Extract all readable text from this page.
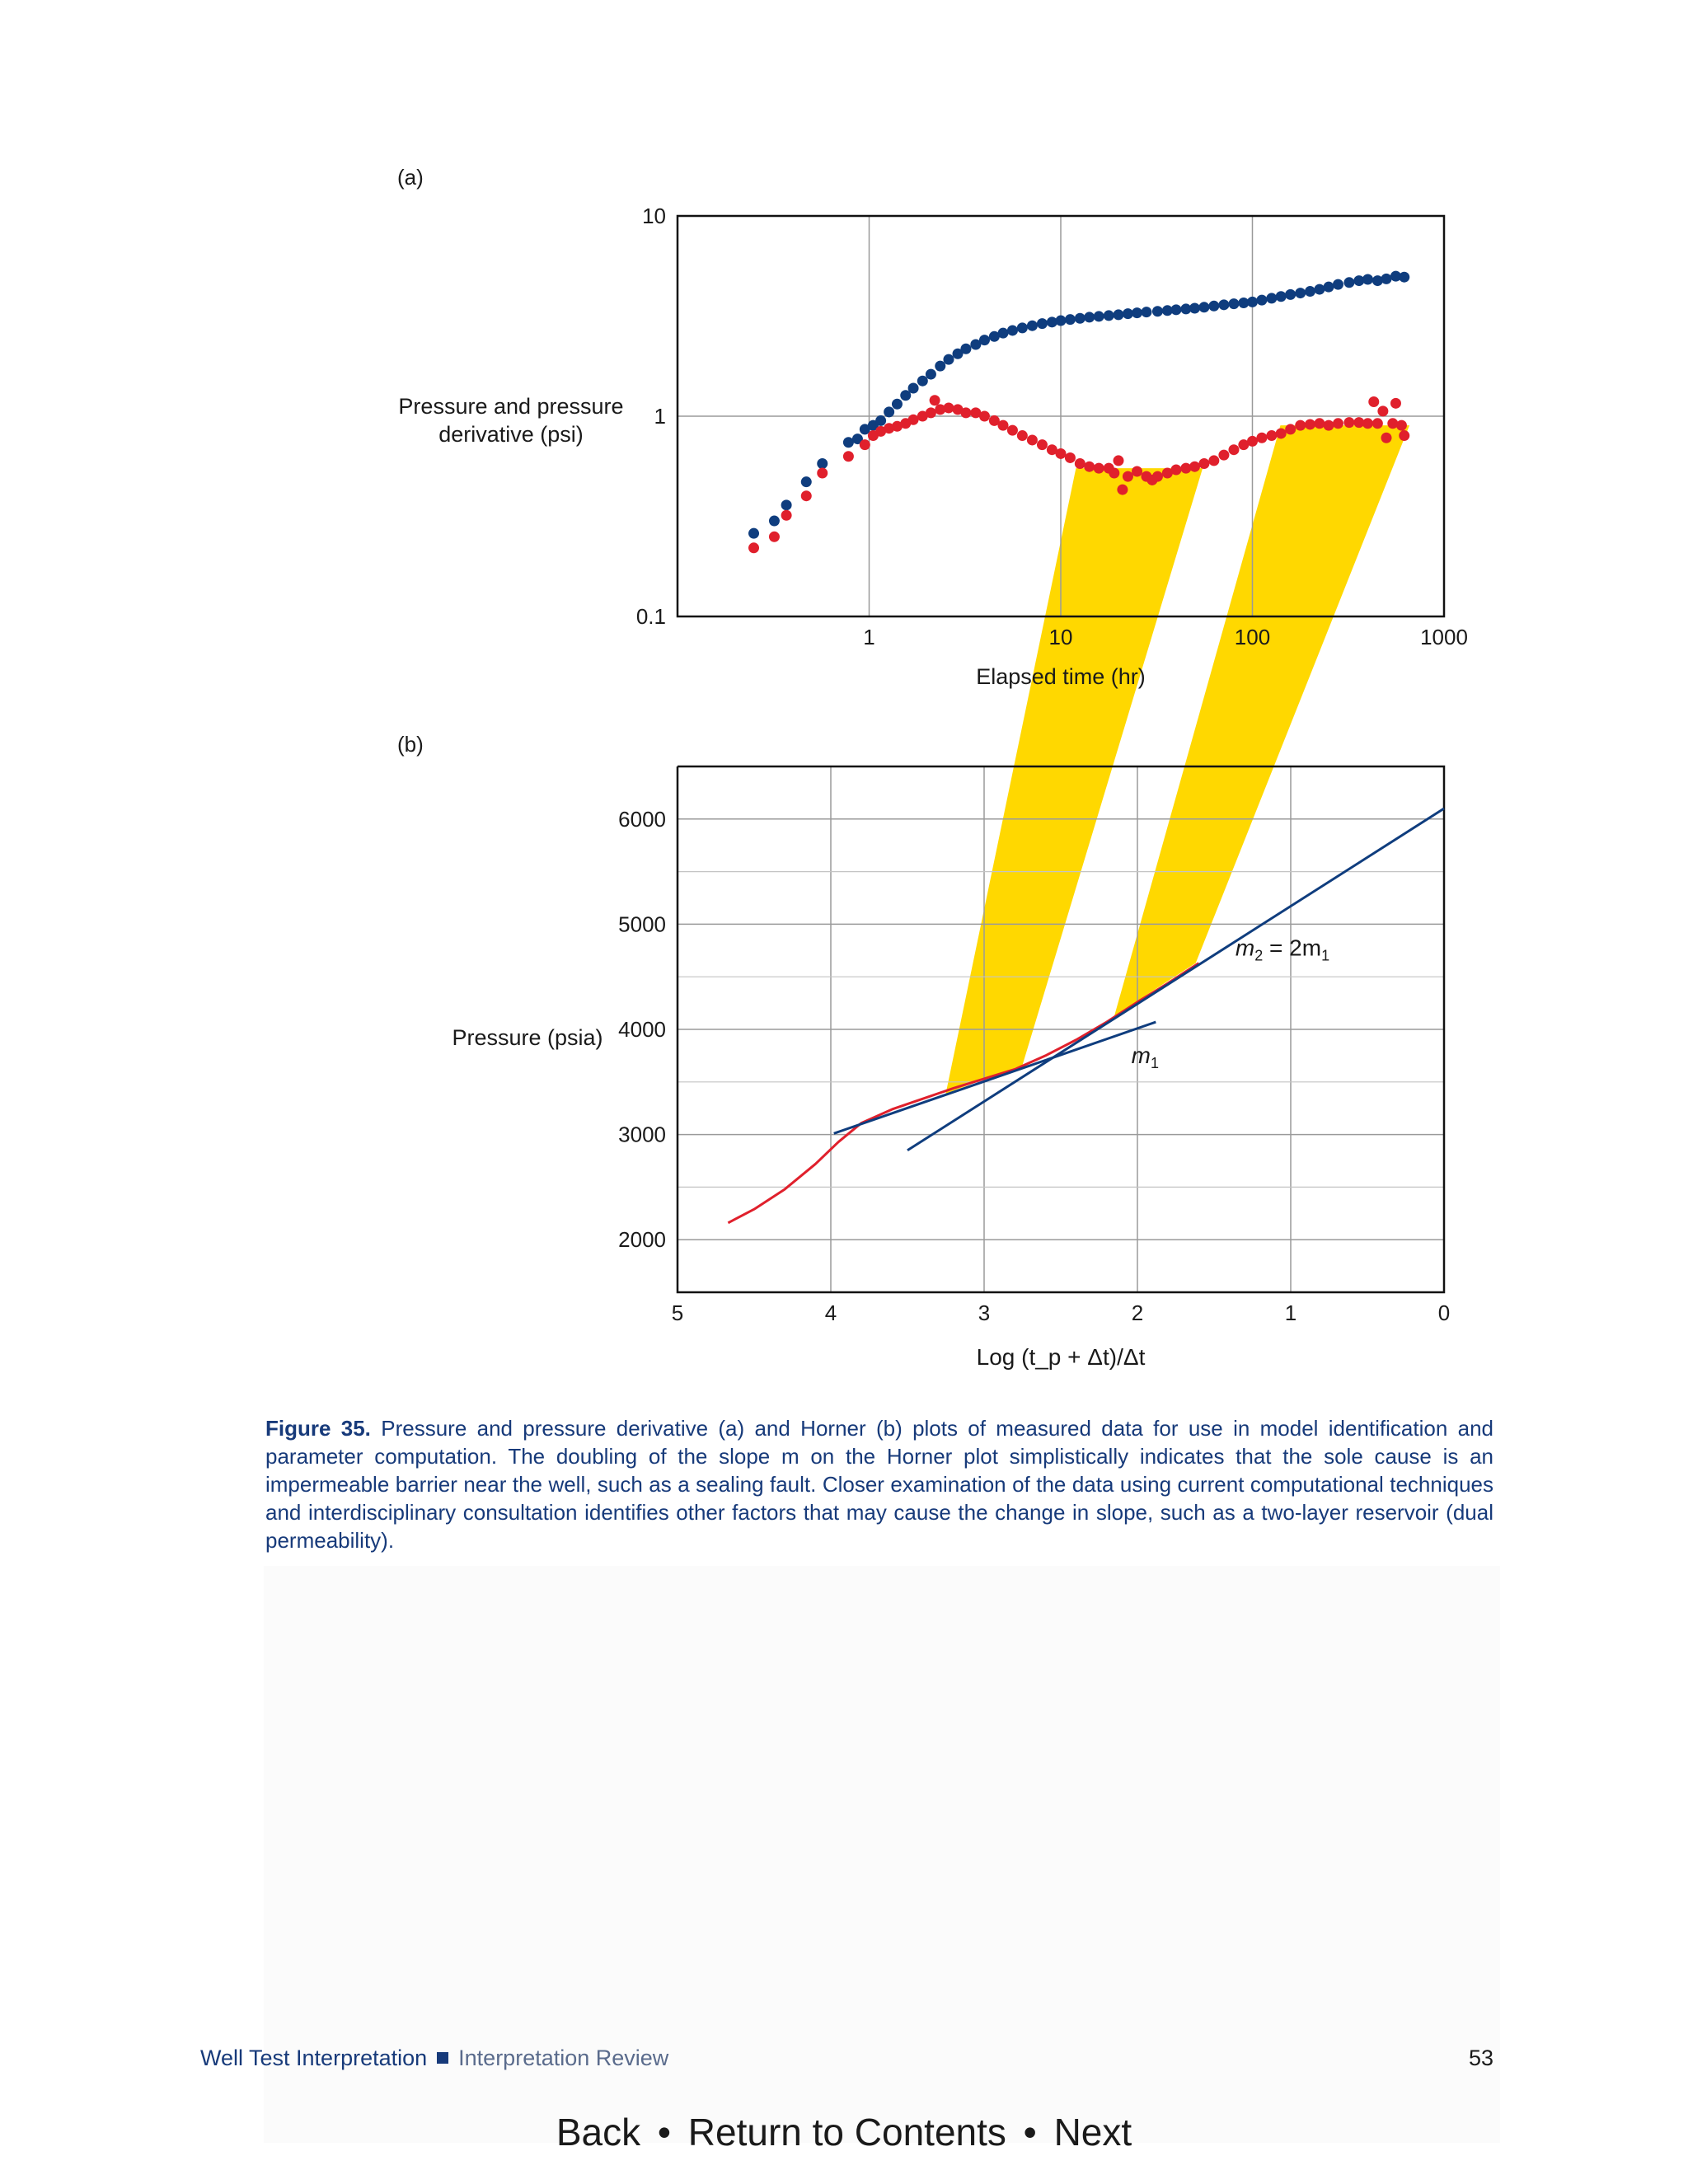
(a)
(b)
Pressure and pressure
derivative (psi)
Pressure (psia)
1	10	100	1000
10
1
0.1
Elapsed time (hr)
5	4	3	2	1	0
6000
5000
4000
3000
2000
Log (t_p + Δt)/Δt
$m_1$
$m_2 = 2m_1$
Figure 35. Pressure and pressure derivative (a) and Horner (b) plots of measured data for use in model identification and parameter computation. The doubling of the slope m on the Horner plot simplistically indicates that the sole cause is an impermeable barrier near the well, such as a sealing fault. Closer examination of the data using current computational techniques and interdisciplinary consultation identifies other factors that may cause the change in slope, such as a two-layer reservoir (dual permeability).
Well Test Interpretation Interpretation Review	53
Back • Return to Contents • Next
